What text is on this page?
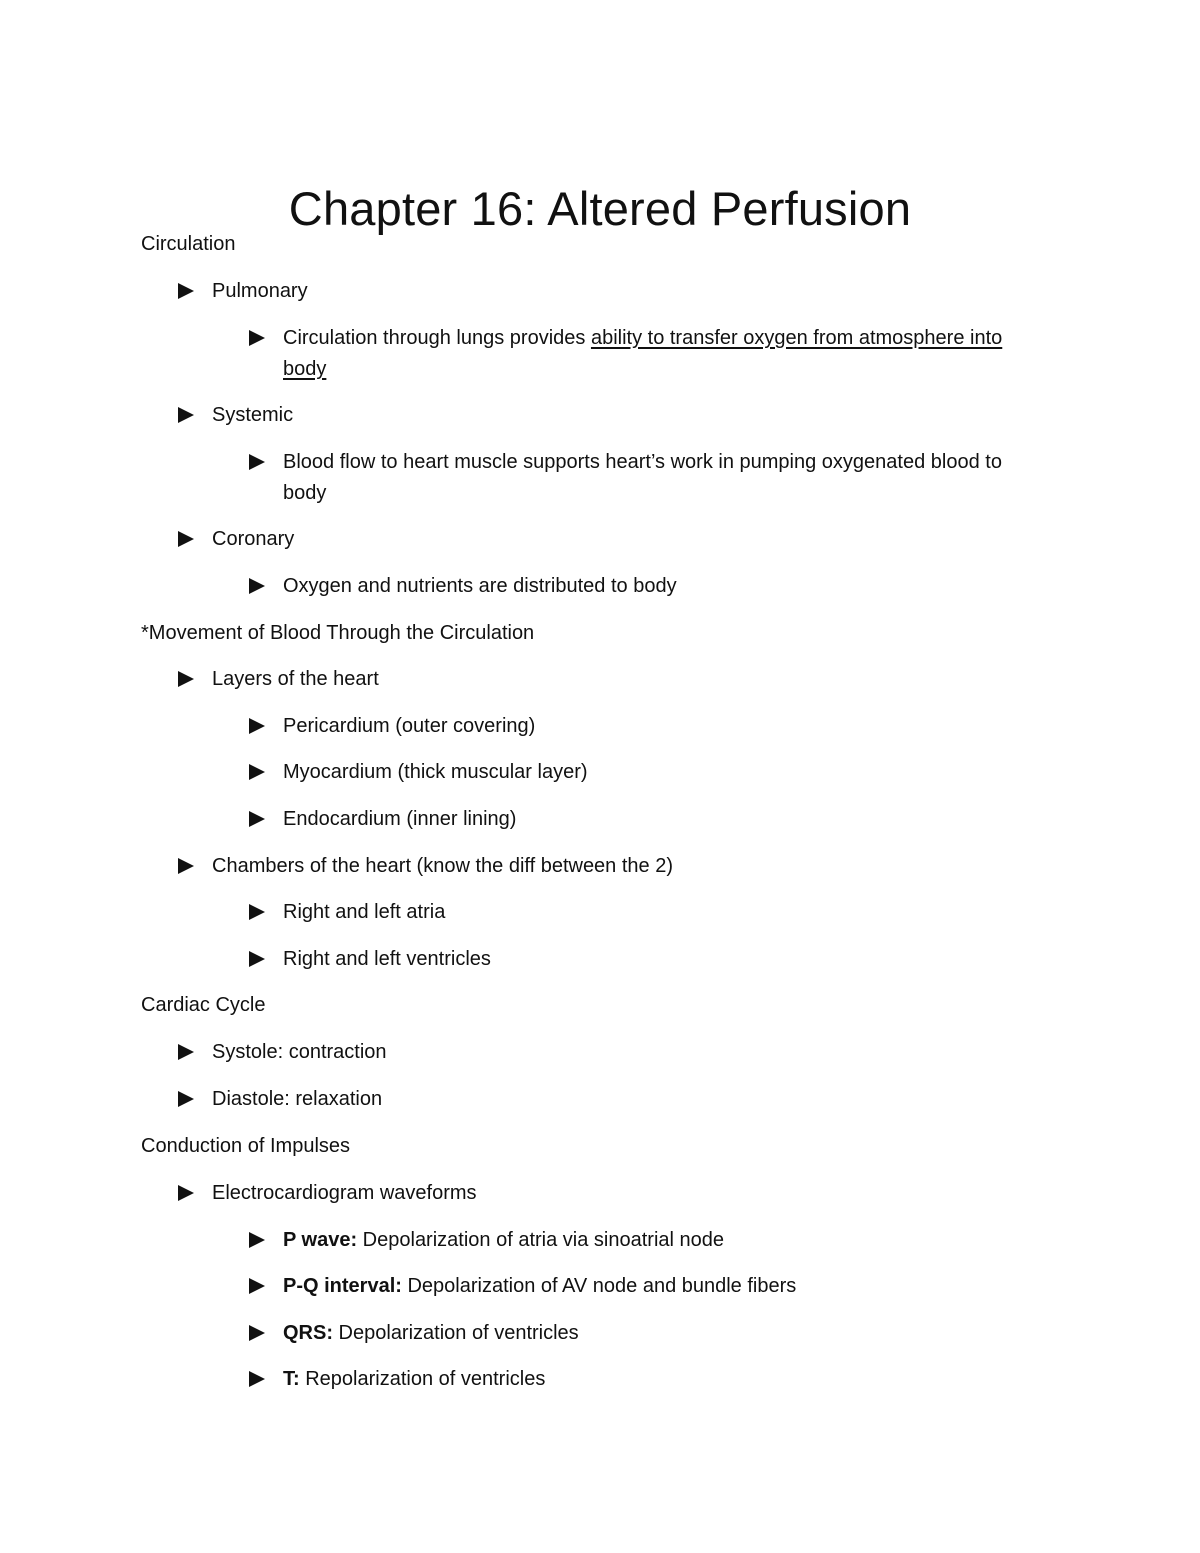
Chapter 16: Altered Perfusion
Circulation
Pulmonary
Circulation through lungs provides ability to transfer oxygen from atmosphere into body
Systemic
Blood flow to heart muscle supports heart’s work in pumping oxygenated blood to body
Coronary
Oxygen and nutrients are distributed to body
*Movement of Blood Through the Circulation
Layers of the heart
Pericardium (outer covering)
Myocardium (thick muscular layer)
Endocardium (inner lining)
Chambers of the heart (know the diff between the 2)
Right and left atria
Right and left ventricles
Cardiac Cycle
Systole: contraction
Diastole: relaxation
Conduction of Impulses
Electrocardiogram waveforms
P wave: Depolarization of atria via sinoatrial node
P-Q interval: Depolarization of AV node and bundle fibers
QRS: Depolarization of ventricles
T: Repolarization of ventricles
